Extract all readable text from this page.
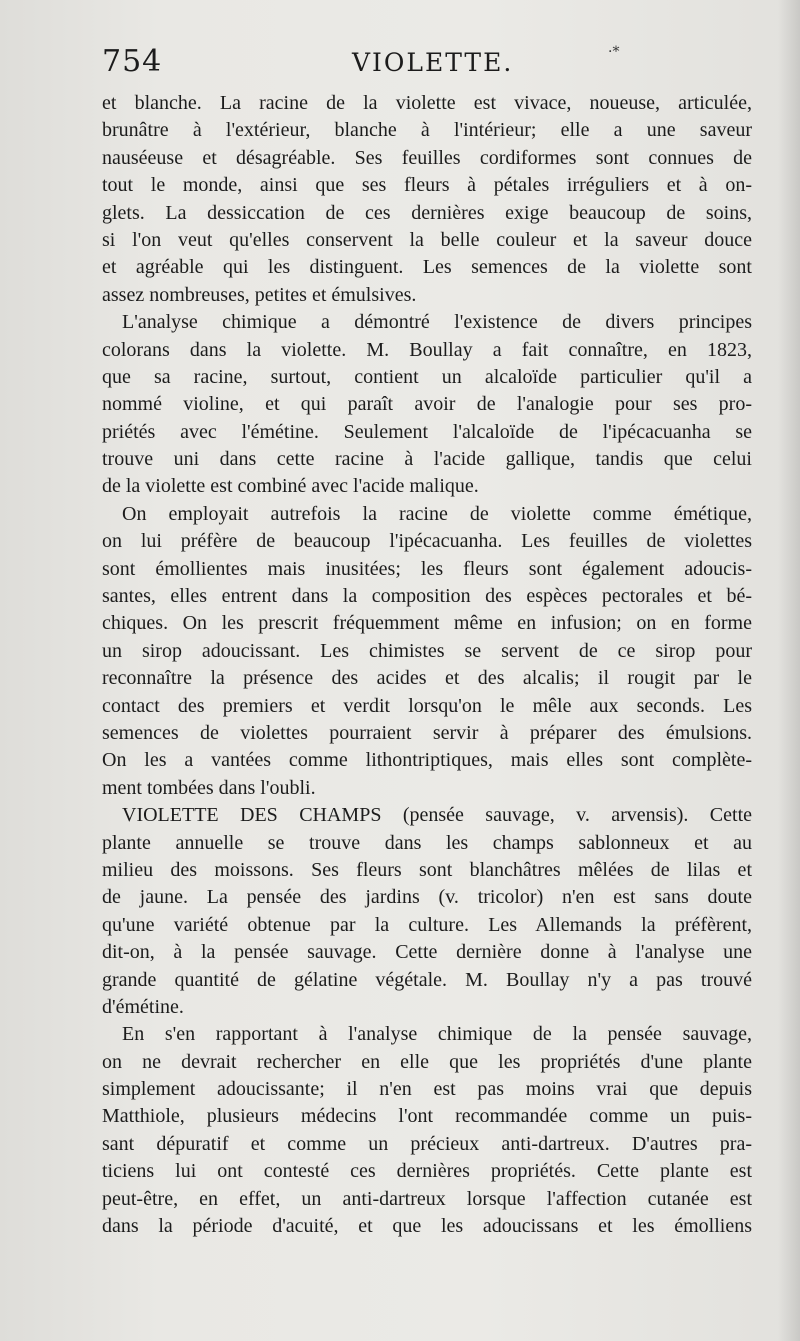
754	VIOLETTE.	·*
et blanche. La racine de la violette est vivace, noueuse, articulée,
brunâtre à l'extérieur, blanche à l'intérieur; elle a une saveur
nauséeuse et désagréable. Ses feuilles cordiformes sont connues de
tout le monde, ainsi que ses fleurs à pétales irréguliers et à on-
glets. La dessiccation de ces dernières exige beaucoup de soins,
si l'on veut qu'elles conservent la belle couleur et la saveur douce
et agréable qui les distinguent. Les semences de la violette sont
assez nombreuses, petites et émulsives.
L'analyse chimique a démontré l'existence de divers principes
colorans dans la violette. M. Boullay a fait connaître, en 1823,
que sa racine, surtout, contient un alcaloïde particulier qu'il a
nommé violine, et qui paraît avoir de l'analogie pour ses pro-
priétés avec l'émétine. Seulement l'alcaloïde de l'ipécacuanha se
trouve uni dans cette racine à l'acide gallique, tandis que celui
de la violette est combiné avec l'acide malique.
On employait autrefois la racine de violette comme émétique,
on lui préfère de beaucoup l'ipécacuanha. Les feuilles de violettes
sont émollientes mais inusitées; les fleurs sont également adoucis-
santes, elles entrent dans la composition des espèces pectorales et bé-
chiques. On les prescrit fréquemment même en infusion; on en forme
un sirop adoucissant. Les chimistes se servent de ce sirop pour
reconnaître la présence des acides et des alcalis; il rougit par le
contact des premiers et verdit lorsqu'on le mêle aux seconds. Les
semences de violettes pourraient servir à préparer des émulsions.
On les a vantées comme lithontriptiques, mais elles sont complète-
ment tombées dans l'oubli.
VIOLETTE DES CHAMPS (pensée sauvage, v. arvensis). Cette
plante annuelle se trouve dans les champs sablonneux et au
milieu des moissons. Ses fleurs sont blanchâtres mêlées de lilas et
de jaune. La pensée des jardins (v. tricolor) n'en est sans doute
qu'une variété obtenue par la culture. Les Allemands la préfèrent,
dit-on, à la pensée sauvage. Cette dernière donne à l'analyse une
grande quantité de gélatine végétale. M. Boullay n'y a pas trouvé
d'émétine.
En s'en rapportant à l'analyse chimique de la pensée sauvage,
on ne devrait rechercher en elle que les propriétés d'une plante
simplement adoucissante; il n'en est pas moins vrai que depuis
Matthiole, plusieurs médecins l'ont recommandée comme un puis-
sant dépuratif et comme un précieux anti-dartreux. D'autres pra-
ticiens lui ont contesté ces dernières propriétés. Cette plante est
peut-être, en effet, un anti-dartreux lorsque l'affection cutanée est
dans la période d'acuité, et que les adoucissans et les émolliens
